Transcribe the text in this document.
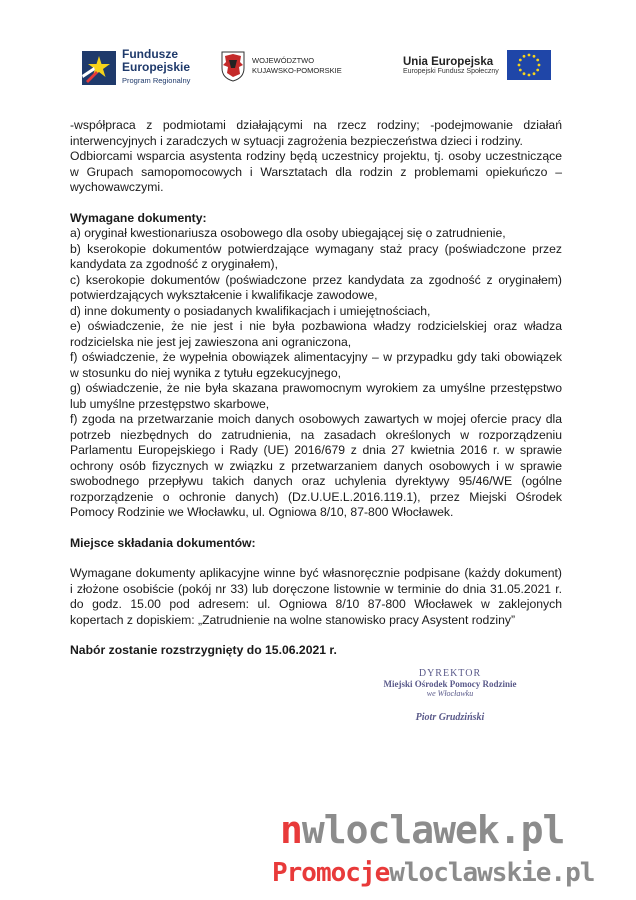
Fundusze
Europejskie
Program Regionalny
WOJEWÓDZTWO
KUJAWSKO-POMORSKIE
Unia Europejska
Europejski Fundusz Społeczny

-współpraca z podmiotami działającymi na rzecz rodziny; -podejmowanie działań interwencyjnych i zaradczych w sytuacji zagrożenia bezpieczeństwa dzieci i rodziny.

Odbiorcami wsparcia asystenta rodziny będą uczestnicy projektu, tj. osoby uczestniczące w Grupach samopomocowych i Warsztatach dla rodzin z problemami opiekuńczo – wychowawczymi.

Wymagane dokumenty:

a) oryginał kwestionariusza osobowego dla osoby ubiegającej się o zatrudnienie,

b) kserokopie dokumentów potwierdzające wymagany staż pracy (poświadczone przez kandydata za zgodność z oryginałem),

c) kserokopie dokumentów (poświadczone przez kandydata za zgodność z oryginałem) potwierdzających wykształcenie i kwalifikacje zawodowe,

d) inne dokumenty o posiadanych kwalifikacjach i umiejętnościach,

e) oświadczenie, że nie jest i nie była pozbawiona władzy rodzicielskiej oraz władza rodzicielska nie jest jej zawieszona ani ograniczona,

f) oświadczenie, że wypełnia obowiązek alimentacyjny – w przypadku gdy taki obowiązek w stosunku do niej wynika z tytułu egzekucyjnego,

g) oświadczenie, że nie była skazana prawomocnym wyrokiem za umyślne przestępstwo lub umyślne przestępstwo skarbowe,

f) zgoda na przetwarzanie moich danych osobowych zawartych w mojej ofercie pracy dla potrzeb niezbędnych do zatrudnienia, na zasadach określonych w rozporządzeniu Parlamentu Europejskiego i Rady (UE) 2016/679 z dnia 27 kwietnia 2016 r. w sprawie ochrony osób fizycznych w związku z przetwarzaniem danych osobowych i w sprawie swobodnego przepływu takich danych oraz uchylenia dyrektywy 95/46/WE (ogólne rozporządzenie o ochronie danych) (Dz.U.UE.L.2016.119.1), przez Miejski Ośrodek Pomocy Rodzinie we Włocławku, ul. Ogniowa 8/10, 87-800 Włocławek.

Miejsce składania dokumentów:

Wymagane dokumenty aplikacyjne winne być własnoręcznie podpisane (każdy dokument) i złożone osobiście (pokój nr 33) lub doręczone listownie w terminie do dnia 31.05.2021 r. do godz. 15.00 pod adresem: ul. Ogniowa 8/10 87-800 Włocławek w zaklejonych kopertach z dopiskiem: „Zatrudnienie na wolne stanowisko pracy Asystent rodziny”

Nabór zostanie rozstrzygnięty do 15.06.2021 r.

DYREKTOR
Miejski Ośrodek Pomocy Rodzinie
we Włocławku
Piotr Grudziński
nwloclawek.pl
Promocjewloclawskie.pl
